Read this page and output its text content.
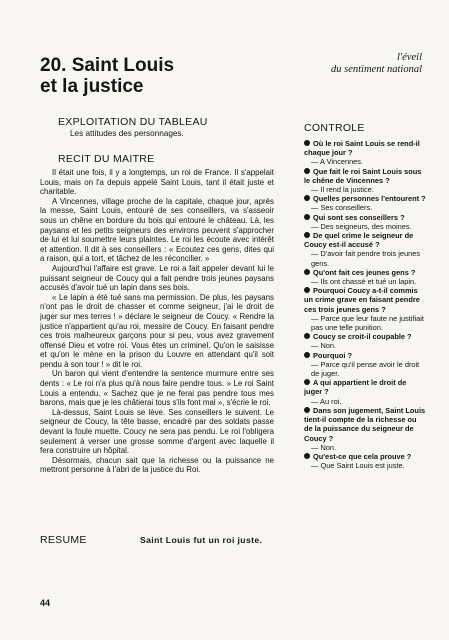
20. Saint Louis
et la justice
l'éveil
du sentiment national
EXPLOITATION DU TABLEAU
Les attitudes des personnages.
RECIT DU MAITRE

Il était une fois, il y a longtemps, un roi de France. Il s'appelait Louis, mais on l'a depuis appelé Saint Louis, tant il était juste et charitable.

A Vincennes, village proche de la capitale, chaque jour, après la messe, Saint Louis, entouré de ses conseillers, va s'asseoir sous un chêne en bordure du bois qui entoure le château. Là, les paysans et les petits seigneurs des environs peuvent s'approcher de lui et lui soumettre leurs plaintes. Le roi les écoute avec intérêt et attention. Il dit à ses conseillers : « Ecoutez ces gens, dites qui a raison, qui a tort, et tâchez de les réconcilier. »

Aujourd'hui l'affaire est grave. Le roi a fait appeler devant lui le puissant seigneur de Coucy qui a fait pendre trois jeunes paysans accusés d'avoir tué un lapin dans ses bois.

« Le lapin a été tué sans ma permission. De plus, les paysans n'ont pas le droit de chasser et comme seigneur, j'ai le droit de juger sur mes terres ! » déclare le seigneur de Coucy. « Rendre la justice n'appartient qu'au roi, messire de Coucy. En faisant pendre ces trois malheureux garçons pour si peu, vous avez gravement offensé Dieu et votre roi. Vous êtes un criminel. Qu'on le saisisse et qu'on le mène en la prison du Louvre en attendant qu'il soit pendu à son tour ! » dit le roi.

Un baron qui vient d'entendre la sentence murmure entre ses dents : « Le roi n'a plus qu'à nous faire pendre tous. » Le roi Saint Louis a entendu. « Sachez que je ne ferai pas pendre tous mes barons, mais que je les châtierai tous s'ils font mal », s'écrie le roi.

Là-dessus, Saint Louis se lève. Ses conseillers le suivent. Le seigneur de Coucy, la tête basse, encadré par des soldats passe devant la foule muette. Coucy ne sera pas pendu. Le roi l'obligera seulement à verser une grosse somme d'argent avec laquelle il fera construire un hôpital.

Désormais, chacun sait que la richesse ou la puissance ne mettront personne à l'abri de la justice du Roi.

RESUME	Saint Louis fut un roi juste.
44
CONTROLE
Où le roi Saint Louis se rend-il chaque jour ?
— A Vincennes.
Que fait le roi Saint Louis sous le chêne de Vincennes ?
— Il rend la justice.
Quelles personnes l'entourent ?
— Ses conseillers.
Qui sont ses conseillers ?
— Des seigneurs, des moines.
De quel crime le seigneur de Coucy est-il accusé ?
— D'avoir fait pendre trois jeunes gens.
Qu'ont fait ces jeunes gens ?
— Ils ont chassé et tué un lapin.
Pourquoi Coucy a-t-il commis un crime grave en faisant pendre ces trois jeunes gens ?
— Parce que leur faute ne justifiait pas une telle punition.
Coucy se croit-il coupable ?
— Non.
Pourquoi ?
— Parce qu'il pense avoir le droit de juger.
A qui appartient le droit de juger ?
— Au roi.
Dans son jugement, Saint Louis tient-il compte de la richesse ou de la puissance du seigneur de Coucy ?
— Non.
Qu'est-ce que cela prouve ?
— Que Saint Louis est juste.
